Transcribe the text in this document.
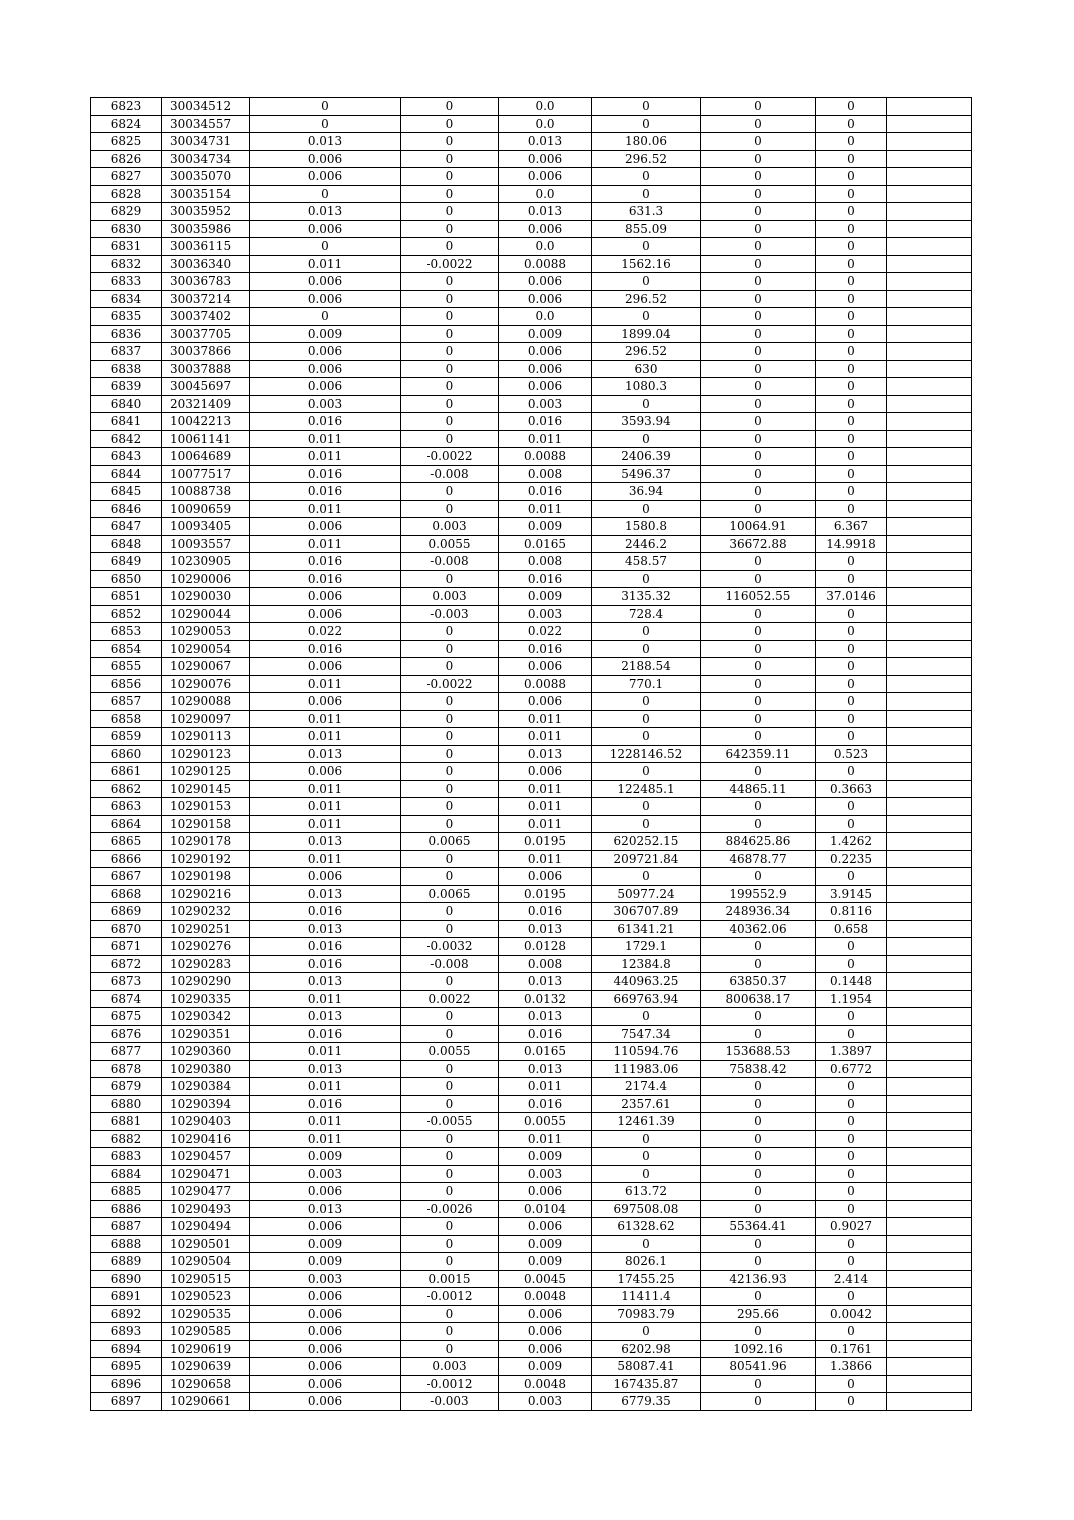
6823	30034512	0	0	0.0	0	0	0	
6824	30034557	0	0	0.0	0	0	0	
6825	30034731	0.013	0	0.013	180.06	0	0	
6826	30034734	0.006	0	0.006	296.52	0	0	
6827	30035070	0.006	0	0.006	0	0	0	
6828	30035154	0	0	0.0	0	0	0	
6829	30035952	0.013	0	0.013	631.3	0	0	
6830	30035986	0.006	0	0.006	855.09	0	0	
6831	30036115	0	0	0.0	0	0	0	
6832	30036340	0.011	-0.0022	0.0088	1562.16	0	0	
6833	30036783	0.006	0	0.006	0	0	0	
6834	30037214	0.006	0	0.006	296.52	0	0	
6835	30037402	0	0	0.0	0	0	0	
6836	30037705	0.009	0	0.009	1899.04	0	0	
6837	30037866	0.006	0	0.006	296.52	0	0	
6838	30037888	0.006	0	0.006	630	0	0	
6839	30045697	0.006	0	0.006	1080.3	0	0	
6840	20321409	0.003	0	0.003	0	0	0	
6841	10042213	0.016	0	0.016	3593.94	0	0	
6842	10061141	0.011	0	0.011	0	0	0	
6843	10064689	0.011	-0.0022	0.0088	2406.39	0	0	
6844	10077517	0.016	-0.008	0.008	5496.37	0	0	
6845	10088738	0.016	0	0.016	36.94	0	0	
6846	10090659	0.011	0	0.011	0	0	0	
6847	10093405	0.006	0.003	0.009	1580.8	10064.91	6.367	
6848	10093557	0.011	0.0055	0.0165	2446.2	36672.88	14.9918	
6849	10230905	0.016	-0.008	0.008	458.57	0	0	
6850	10290006	0.016	0	0.016	0	0	0	
6851	10290030	0.006	0.003	0.009	3135.32	116052.55	37.0146	
6852	10290044	0.006	-0.003	0.003	728.4	0	0	
6853	10290053	0.022	0	0.022	0	0	0	
6854	10290054	0.016	0	0.016	0	0	0	
6855	10290067	0.006	0	0.006	2188.54	0	0	
6856	10290076	0.011	-0.0022	0.0088	770.1	0	0	
6857	10290088	0.006	0	0.006	0	0	0	
6858	10290097	0.011	0	0.011	0	0	0	
6859	10290113	0.011	0	0.011	0	0	0	
6860	10290123	0.013	0	0.013	1228146.52	642359.11	0.523	
6861	10290125	0.006	0	0.006	0	0	0	
6862	10290145	0.011	0	0.011	122485.1	44865.11	0.3663	
6863	10290153	0.011	0	0.011	0	0	0	
6864	10290158	0.011	0	0.011	0	0	0	
6865	10290178	0.013	0.0065	0.0195	620252.15	884625.86	1.4262	
6866	10290192	0.011	0	0.011	209721.84	46878.77	0.2235	
6867	10290198	0.006	0	0.006	0	0	0	
6868	10290216	0.013	0.0065	0.0195	50977.24	199552.9	3.9145	
6869	10290232	0.016	0	0.016	306707.89	248936.34	0.8116	
6870	10290251	0.013	0	0.013	61341.21	40362.06	0.658	
6871	10290276	0.016	-0.0032	0.0128	1729.1	0	0	
6872	10290283	0.016	-0.008	0.008	12384.8	0	0	
6873	10290290	0.013	0	0.013	440963.25	63850.37	0.1448	
6874	10290335	0.011	0.0022	0.0132	669763.94	800638.17	1.1954	
6875	10290342	0.013	0	0.013	0	0	0	
6876	10290351	0.016	0	0.016	7547.34	0	0	
6877	10290360	0.011	0.0055	0.0165	110594.76	153688.53	1.3897	
6878	10290380	0.013	0	0.013	111983.06	75838.42	0.6772	
6879	10290384	0.011	0	0.011	2174.4	0	0	
6880	10290394	0.016	0	0.016	2357.61	0	0	
6881	10290403	0.011	-0.0055	0.0055	12461.39	0	0	
6882	10290416	0.011	0	0.011	0	0	0	
6883	10290457	0.009	0	0.009	0	0	0	
6884	10290471	0.003	0	0.003	0	0	0	
6885	10290477	0.006	0	0.006	613.72	0	0	
6886	10290493	0.013	-0.0026	0.0104	697508.08	0	0	
6887	10290494	0.006	0	0.006	61328.62	55364.41	0.9027	
6888	10290501	0.009	0	0.009	0	0	0	
6889	10290504	0.009	0	0.009	8026.1	0	0	
6890	10290515	0.003	0.0015	0.0045	17455.25	42136.93	2.414	
6891	10290523	0.006	-0.0012	0.0048	11411.4	0	0	
6892	10290535	0.006	0	0.006	70983.79	295.66	0.0042	
6893	10290585	0.006	0	0.006	0	0	0	
6894	10290619	0.006	0	0.006	6202.98	1092.16	0.1761	
6895	10290639	0.006	0.003	0.009	58087.41	80541.96	1.3866	
6896	10290658	0.006	-0.0012	0.0048	167435.87	0	0	
6897	10290661	0.006	-0.003	0.003	6779.35	0	0	
